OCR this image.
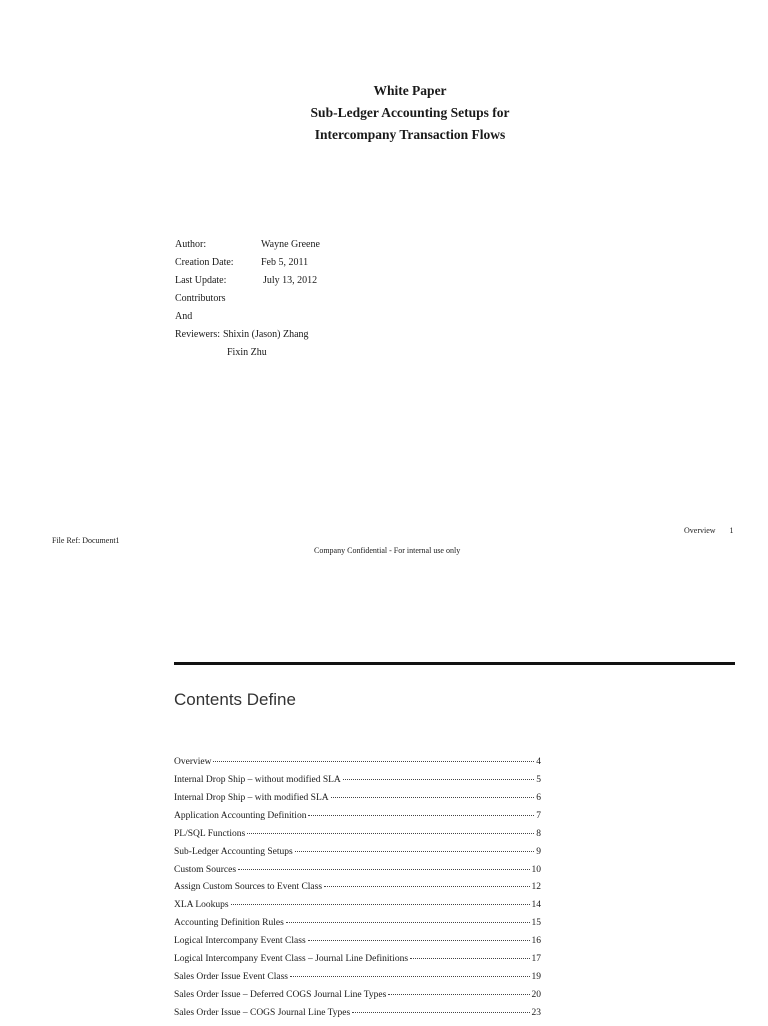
White Paper
Sub-Ledger Accounting Setups for
Intercompany Transaction Flows
Author:	Wayne Greene
Creation Date:	Feb 5, 2011
Last Update:	July 13, 2012
Contributors
And
Reviewers: Shixin (Jason) Zhang
Fixin Zhu
Overview 1
File Ref: Document1
Company Confidential - For internal use only
Contents Define
Overview	4
Internal Drop Ship – without modified SLA	5
Internal Drop Ship – with modified SLA	6
Application Accounting Definition	7
PL/SQL Functions	8
Sub-Ledger Accounting Setups	9
Custom Sources	10
Assign Custom Sources to Event Class	12
XLA Lookups	14
Accounting Definition Rules	15
Logical Intercompany Event Class	16
Logical Intercompany Event Class – Journal Line Definitions	17
Sales Order Issue Event Class	19
Sales Order Issue – Deferred COGS Journal Line Types	20
Sales Order Issue – COGS Journal Line Types	23
